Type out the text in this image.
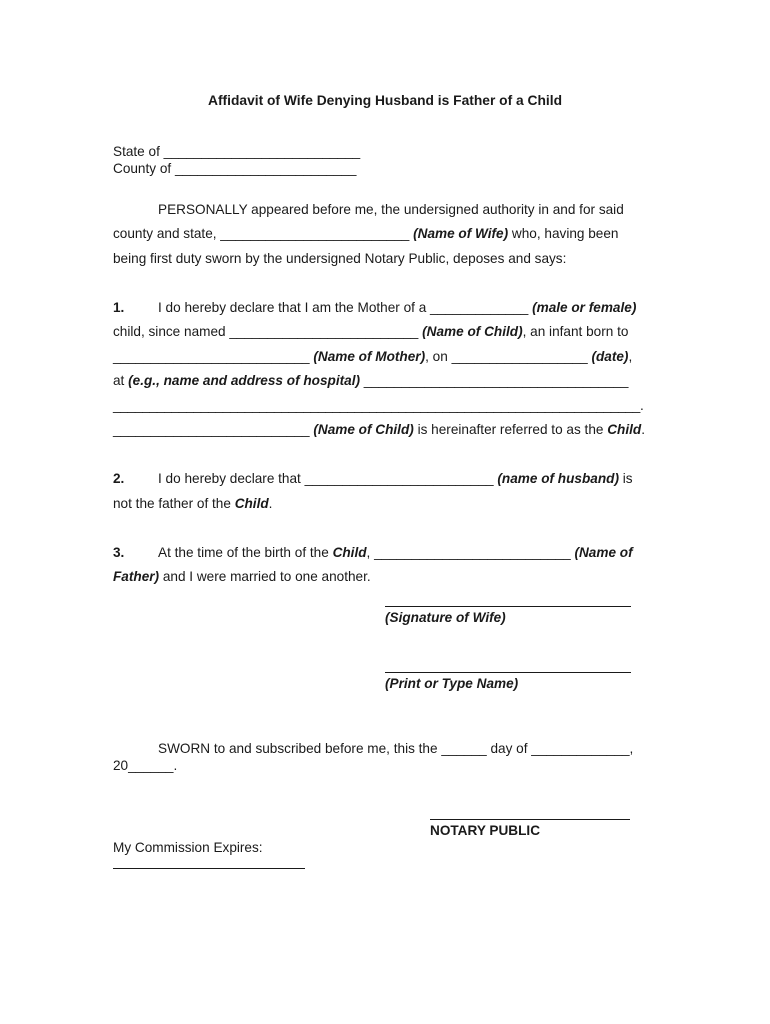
Affidavit of Wife Denying Husband is Father of a Child
State of __________________________
County of ________________________
PERSONALLY appeared before me, the undersigned authority in and for said
county and state, _________________________ (Name of Wife) who, having been
being first duty sworn by the undersigned Notary Public, deposes and says:
1. I do hereby declare that I am the Mother of a _____________ (male or female)
child, since named _________________________ (Name of Child), an infant born to
__________________________ (Name of Mother), on __________________ (date),
at (e.g., name and address of hospital) ___________________________________
________________________________________________________________________.
__________________________ (Name of Child) is hereinafter referred to as the Child.
2. I do hereby declare that _________________________ (name of husband) is
not the father of the Child.
3. At the time of the birth of the Child, __________________________ (Name of
Father) and I were married to one another.
(Signature of Wife)
(Print or Type Name)
SWORN to and subscribed before me, this the ______ day of _____________,
20______.
NOTARY PUBLIC
My Commission Expires:
